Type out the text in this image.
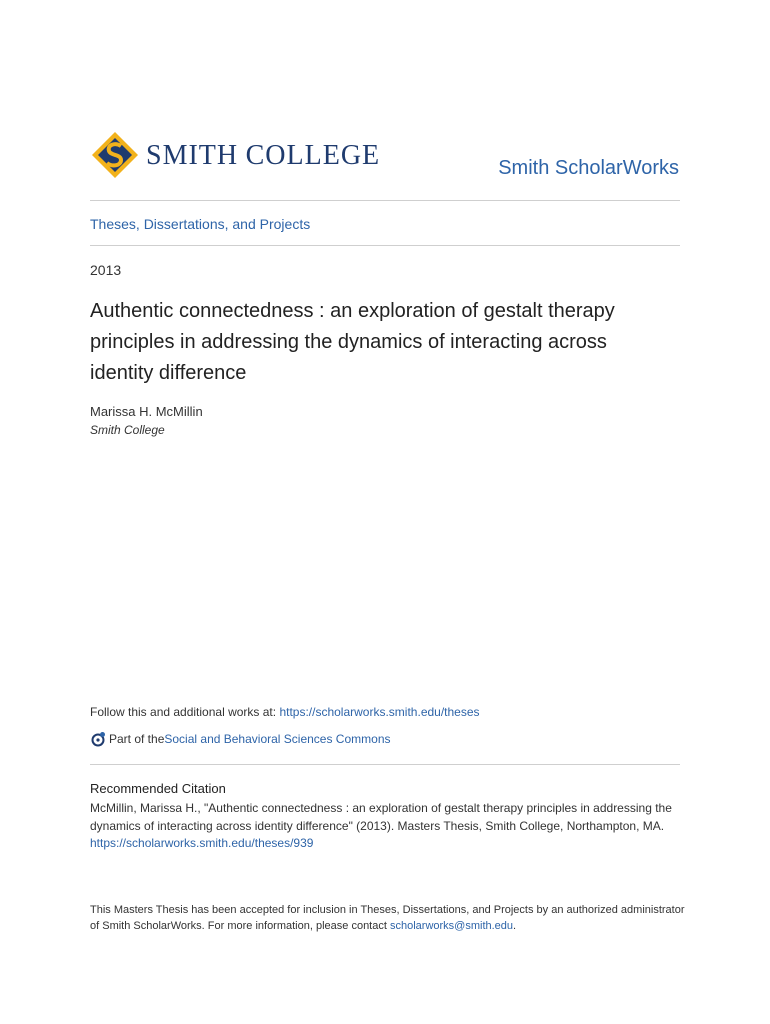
SMITH COLLEGE	Smith ScholarWorks
Theses, Dissertations, and Projects
2013
Authentic connectedness : an exploration of gestalt therapy principles in addressing the dynamics of interacting across identity difference
Marissa H. McMillin
Smith College
Follow this and additional works at: https://scholarworks.smith.edu/theses
Part of the Social and Behavioral Sciences Commons
Recommended Citation
McMillin, Marissa H., "Authentic connectedness : an exploration of gestalt therapy principles in addressing the dynamics of interacting across identity difference" (2013). Masters Thesis, Smith College, Northampton, MA.
https://scholarworks.smith.edu/theses/939
This Masters Thesis has been accepted for inclusion in Theses, Dissertations, and Projects by an authorized administrator of Smith ScholarWorks. For more information, please contact scholarworks@smith.edu.
